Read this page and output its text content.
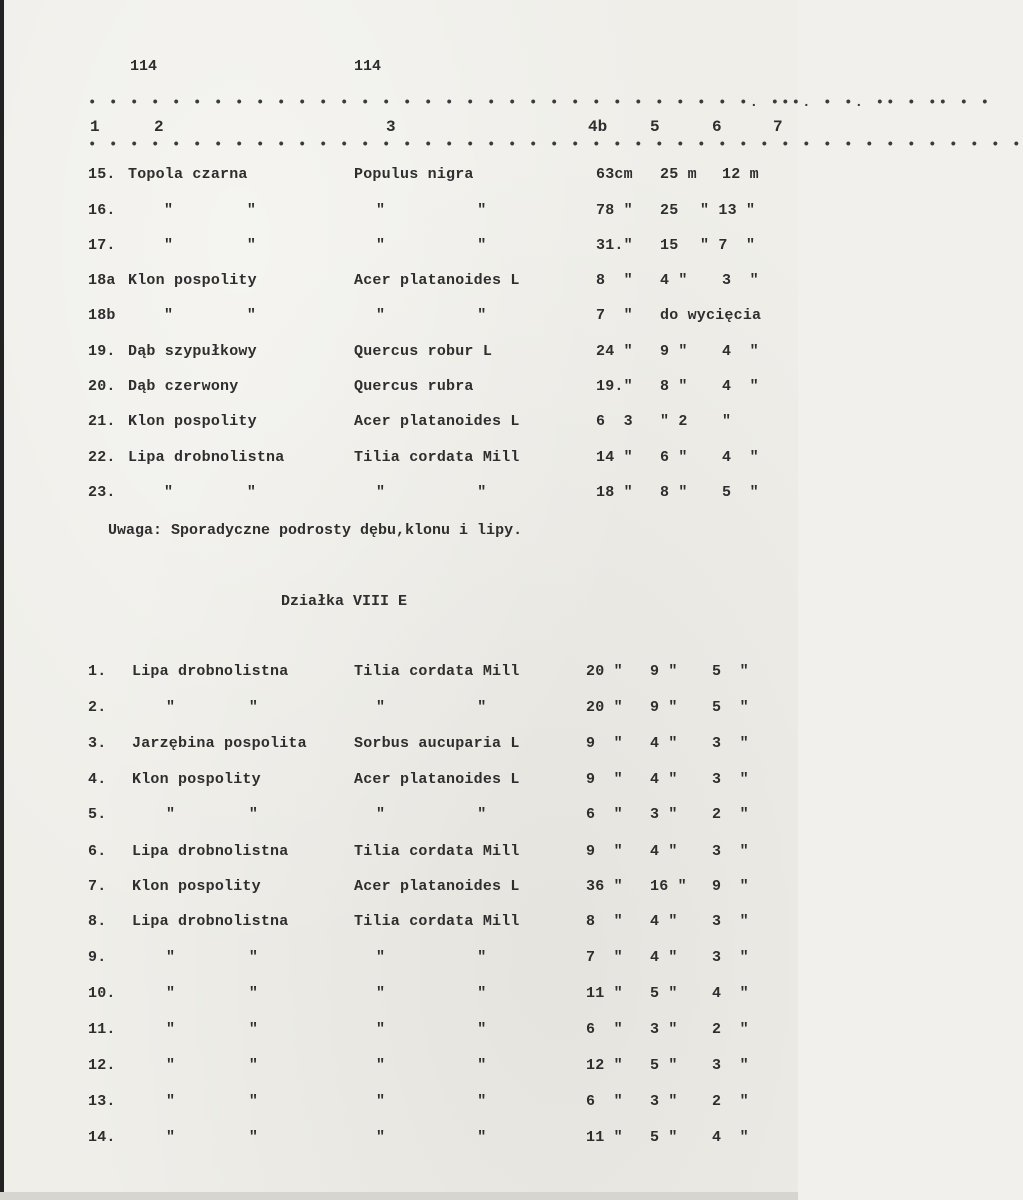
114	114
• • • • • • • • • • • • • • • • • • • • • • • • • • • • • • • •. •••. • •. •• • •• • •
• • • • • • • • • • • • • • • • • • • • • • • • • • • • • • • • • • • • • • • • • • • • •
1	2	3	4b	5	6	7
15. Topola czarna	Populus nigra	63cm 25 m 12 m
16.	"        "	"          "	78 " 25 " 13 "
17.	"        "	"          "	31." 15 " 7  "
18a Klon pospolity	Acer platanoides L	8  " 4 " 3  "
18b	"        "	"          "	7  " do wycięcia
19. Dąb szypułkowy	Quercus robur L	24 " 9 " 4  "
20. Dąb czerwony	Quercus rubra	19." 8 " 4  "
21. Klon pospolity	Acer platanoides L	6  3 " 2 "
22. Lipa drobnolistna	Tilia cordata Mill	14 " 6 " 4  "
23.	"        "	"          "	18 " 8 " 5  "
Uwaga: Sporadyczne podrosty dębu,klonu i lipy.
Działka VIII E
1. Lipa drobnolistna	Tilia cordata Mill	20 " 9 " 5  "
2.	"        "	"          "	20 " 9 " 5  "
3. Jarzębina pospolita	Sorbus aucuparia L	9  " 4 " 3  "
4. Klon pospolity	Acer platanoides L	9  " 4 " 3  "
5.	"        "	"          "	6  " 3 " 2  "
6. Lipa drobnolistna	Tilia cordata Mill	9  " 4 " 3  "
7. Klon pospolity	Acer platanoides L	36 " 16 " 9  "
8. Lipa drobnolistna	Tilia cordata Mill	8  " 4 " 3  "
9.	"        "	"          "	7  " 4 " 3  "
10.	"        "	"          "	11 " 5 " 4  "
11.	"        "	"          "	6  " 3 " 2  "
12.	"        "	"          "	12 " 5 " 3  "
13.	"        "	"          "	6  " 3 " 2  "
14.	"        "	"          "	11 " 5 " 4  "
